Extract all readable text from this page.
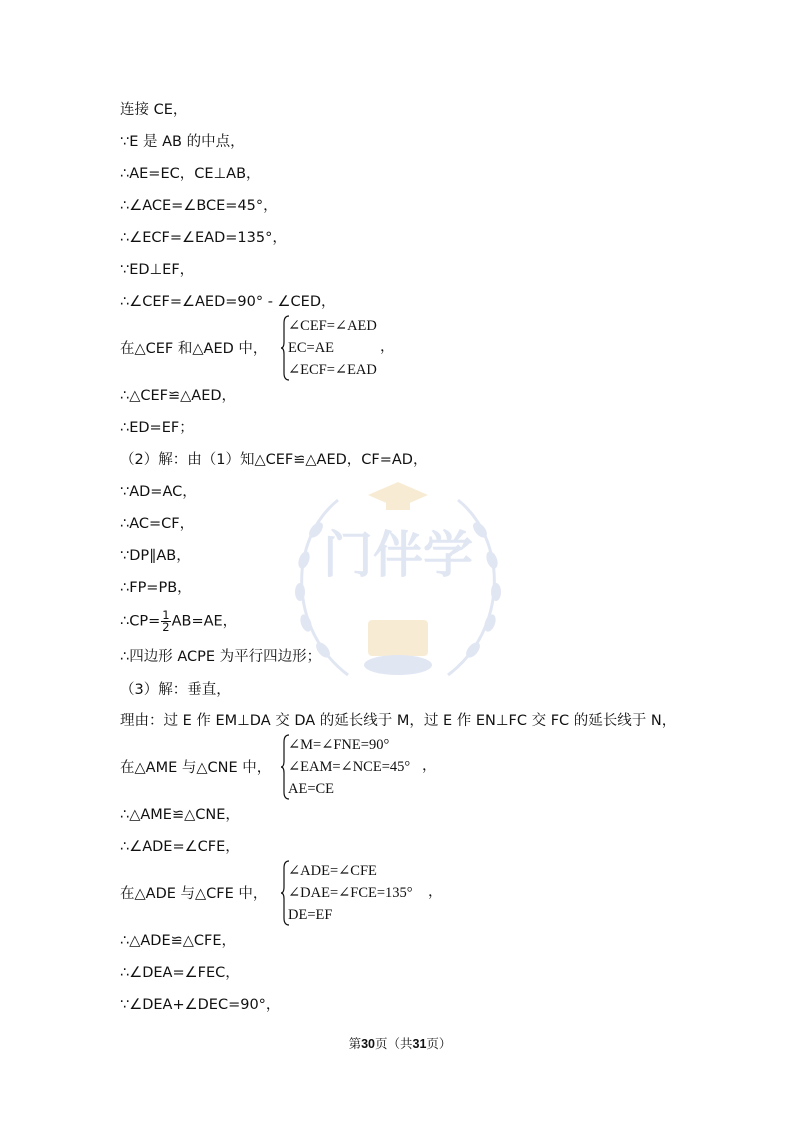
门伴学
连接 CE，
∵E 是 AB 的中点，
∴AE=EC，CE⊥AB，
∴∠ACE=∠BCE=45°，
∴∠ECF=∠EAD=135°，
∵ED⊥EF，
∴∠CEF=∠AED=90° - ∠CED，
在△CEF 和△AED 中，
∠CEF=∠AED
EC=AE
∠ECF=∠EAD
，
∴△CEF≌△AED，
∴ED=EF；
（2）解：由（1）知△CEF≌△AED，CF=AD，
∵AD=AC，
∴AC=CF，
∵DP∥AB，
∴FP=PB，
∴CP= $\frac{1}{2} AB=AE$，
∴四边形 ACPE 为平行四边形；
（3）解：垂直，
理由：过 E 作 EM⊥DA 交 DA 的延长线于 M，过 E 作 EN⊥FC 交 FC 的延长线于 N，
在△AME 与△CNE 中，
∠M=∠FNE=90°
∠EAM=∠NCE=45°
AE=CE
，
∴△AME≌△CNE，
∴∠ADE=∠CFE，
在△ADE 与△CFE 中，
∠ADE=∠CFE
∠DAE=∠FCE=135°
DE=EF
，
∴△ADE≌△CFE，
∴∠DEA=∠FEC，
∵∠DEA+∠DEC=90°，
第30页（共31页）
